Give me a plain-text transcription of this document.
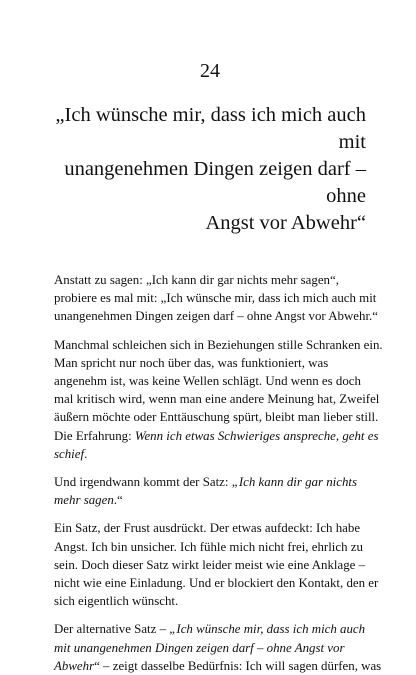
24
„Ich wünsche mir, dass ich mich auch mit
unangenehmen Dingen zeigen darf – ohne
Angst vor Abwehr“

Anstatt zu sagen: „Ich kann dir gar nichts mehr sagen“,
probiere es mal mit: „Ich wünsche mir, dass ich mich auch mit
unangenehmen Dingen zeigen darf – ohne Angst vor Abwehr.“

Manchmal schleichen sich in Beziehungen stille Schranken ein.
Man spricht nur noch über das, was funktioniert, was
angenehm ist, was keine Wellen schlägt. Und wenn es doch
mal kritisch wird, wenn man eine andere Meinung hat, Zweifel
äußern möchte oder Enttäuschung spürt, bleibt man lieber still.
Die Erfahrung: Wenn ich etwas Schwieriges anspreche, geht es
schief.

Und irgendwann kommt der Satz: „Ich kann dir gar nichts
mehr sagen.“

Ein Satz, der Frust ausdrückt. Der etwas aufdeckt: Ich habe
Angst. Ich bin unsicher. Ich fühle mich nicht frei, ehrlich zu
sein. Doch dieser Satz wirkt leider meist wie eine Anklage –
nicht wie eine Einladung. Und er blockiert den Kontakt, den er
sich eigentlich wünscht.

Der alternative Satz – „Ich wünsche mir, dass ich mich auch
mit unangenehmen Dingen zeigen darf – ohne Angst vor
Abwehr“ – zeigt dasselbe Bedürfnis: Ich will sagen dürfen, was
